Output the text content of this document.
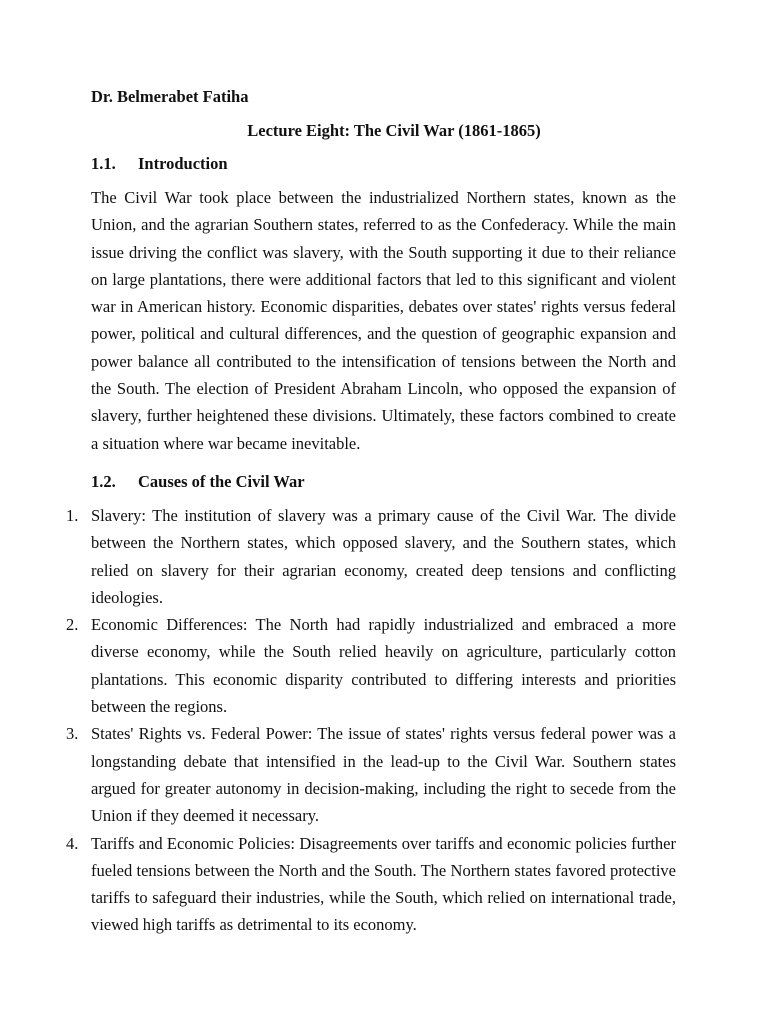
Dr. Belmerabet Fatiha
Lecture Eight: The Civil War (1861-1865)
1.1. Introduction

The Civil War took place between the industrialized Northern states, known as the Union, and the agrarian Southern states, referred to as the Confederacy. While the main issue driving the conflict was slavery, with the South supporting it due to their reliance on large plantations, there were additional factors that led to this significant and violent war in American history. Economic disparities, debates over states' rights versus federal power, political and cultural differences, and the question of geographic expansion and power balance all contributed to the intensification of tensions between the North and the South. The election of President Abraham Lincoln, who opposed the expansion of slavery, further heightened these divisions. Ultimately, these factors combined to create a situation where war became inevitable.

1.2. Causes of the Civil War
1. Slavery: The institution of slavery was a primary cause of the Civil War. The divide between the Northern states, which opposed slavery, and the Southern states, which relied on slavery for their agrarian economy, created deep tensions and conflicting ideologies.
2. Economic Differences: The North had rapidly industrialized and embraced a more diverse economy, while the South relied heavily on agriculture, particularly cotton plantations. This economic disparity contributed to differing interests and priorities between the regions.
3. States' Rights vs. Federal Power: The issue of states' rights versus federal power was a longstanding debate that intensified in the lead-up to the Civil War. Southern states argued for greater autonomy in decision-making, including the right to secede from the Union if they deemed it necessary.
4. Tariffs and Economic Policies: Disagreements over tariffs and economic policies further fueled tensions between the North and the South. The Northern states favored protective tariffs to safeguard their industries, while the South, which relied on international trade, viewed high tariffs as detrimental to its economy.
